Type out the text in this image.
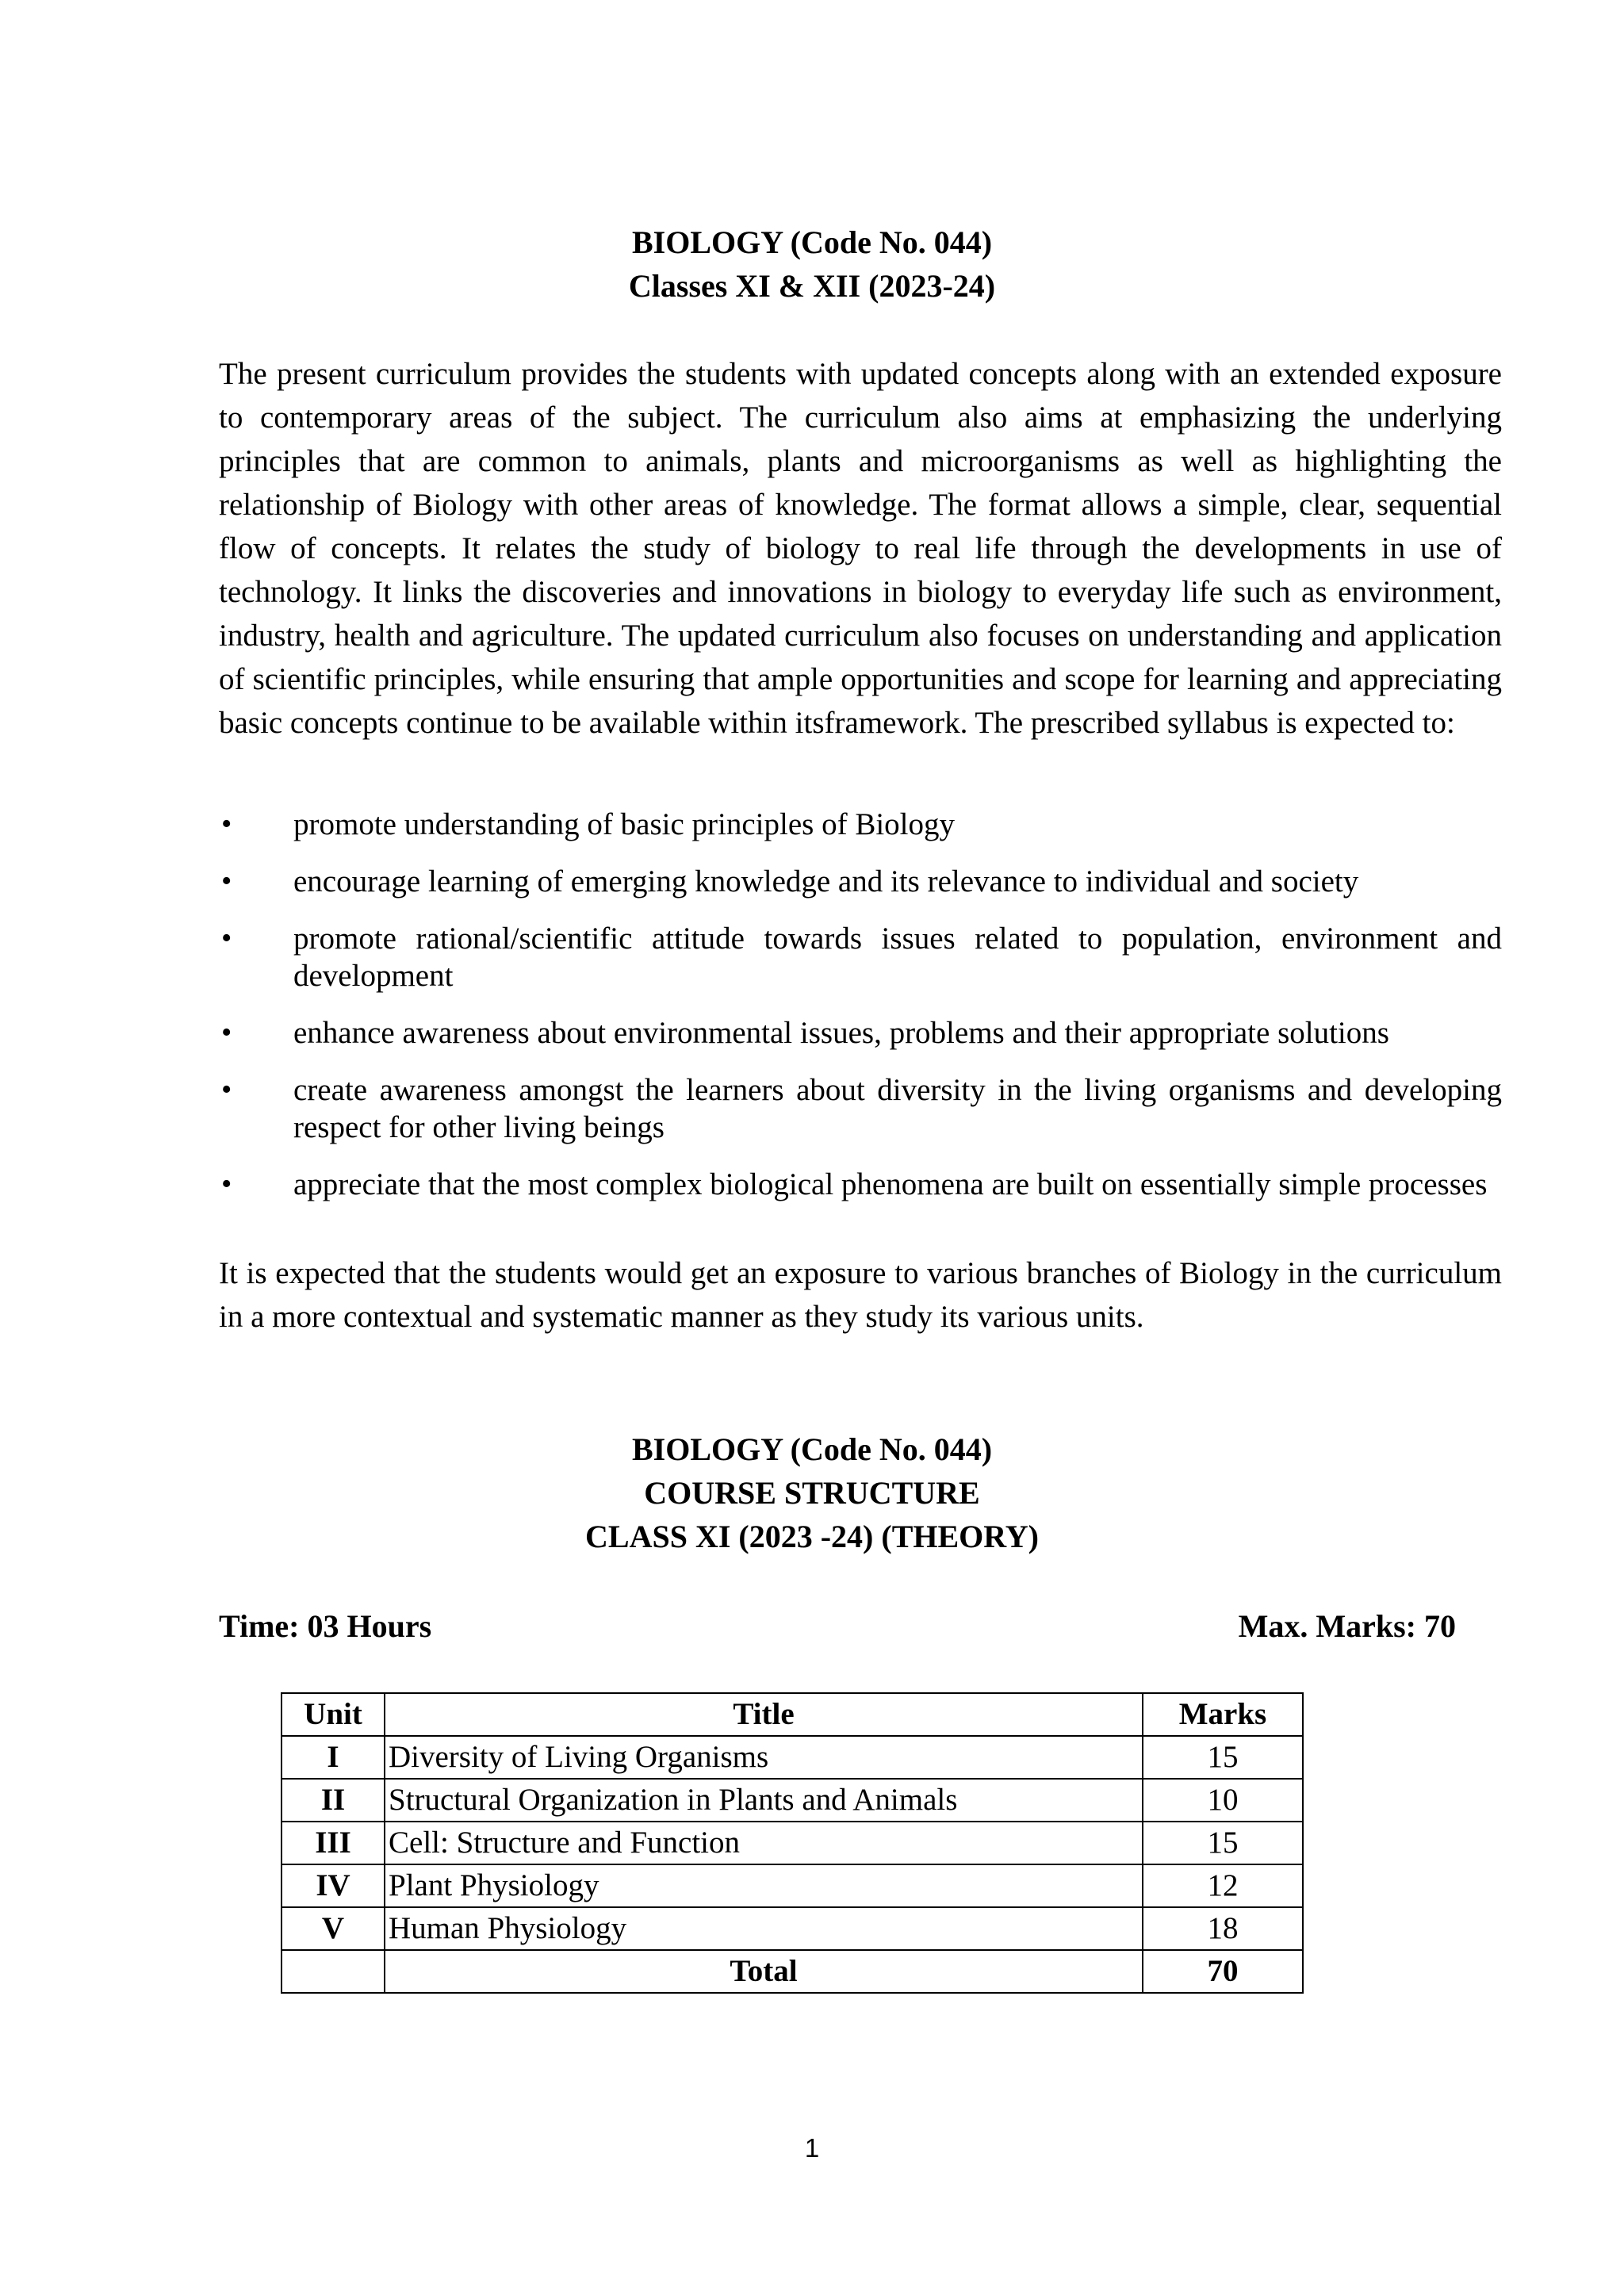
BIOLOGY (Code No. 044)
Classes XI & XII (2023-24)
The present curriculum provides the students with updated concepts along with an extended exposure to contemporary areas of the subject. The curriculum also aims at emphasizing the underlying principles that are common to animals, plants and microorganisms as well as highlighting the relationship of Biology with other areas of knowledge. The format allows a simple, clear, sequential flow of concepts. It relates the study of biology to real life through the developments in use of technology. It links the discoveries and innovations in biology to everyday life such as environment, industry, health and agriculture. The updated curriculum also focuses on understanding and application of scientific principles, while ensuring that ample opportunities and scope for learning and appreciating basic concepts continue to be available within itsframework. The prescribed syllabus is expected to:
• promote understanding of basic principles of Biology
• encourage learning of emerging knowledge and its relevance to individual and society
• promote rational/scientific attitude towards issues related to population, environment and development
• enhance awareness about environmental issues, problems and their appropriate solutions
• create awareness amongst the learners about diversity in the living organisms and developing respect for other living beings
• appreciate that the most complex biological phenomena are built on essentially simple processes
It is expected that the students would get an exposure to various branches of Biology in the curriculum in a more contextual and systematic manner as they study its various units.
BIOLOGY (Code No. 044)
COURSE STRUCTURE
CLASS XI (2023 -24) (THEORY)
Time: 03 Hours	Max. Marks: 70
Unit	Title	Marks
I	Diversity of Living Organisms	15
II	Structural Organization in Plants and Animals	10
III	Cell: Structure and Function	15
IV	Plant Physiology	12
V	Human Physiology	18
	Total	70
1
